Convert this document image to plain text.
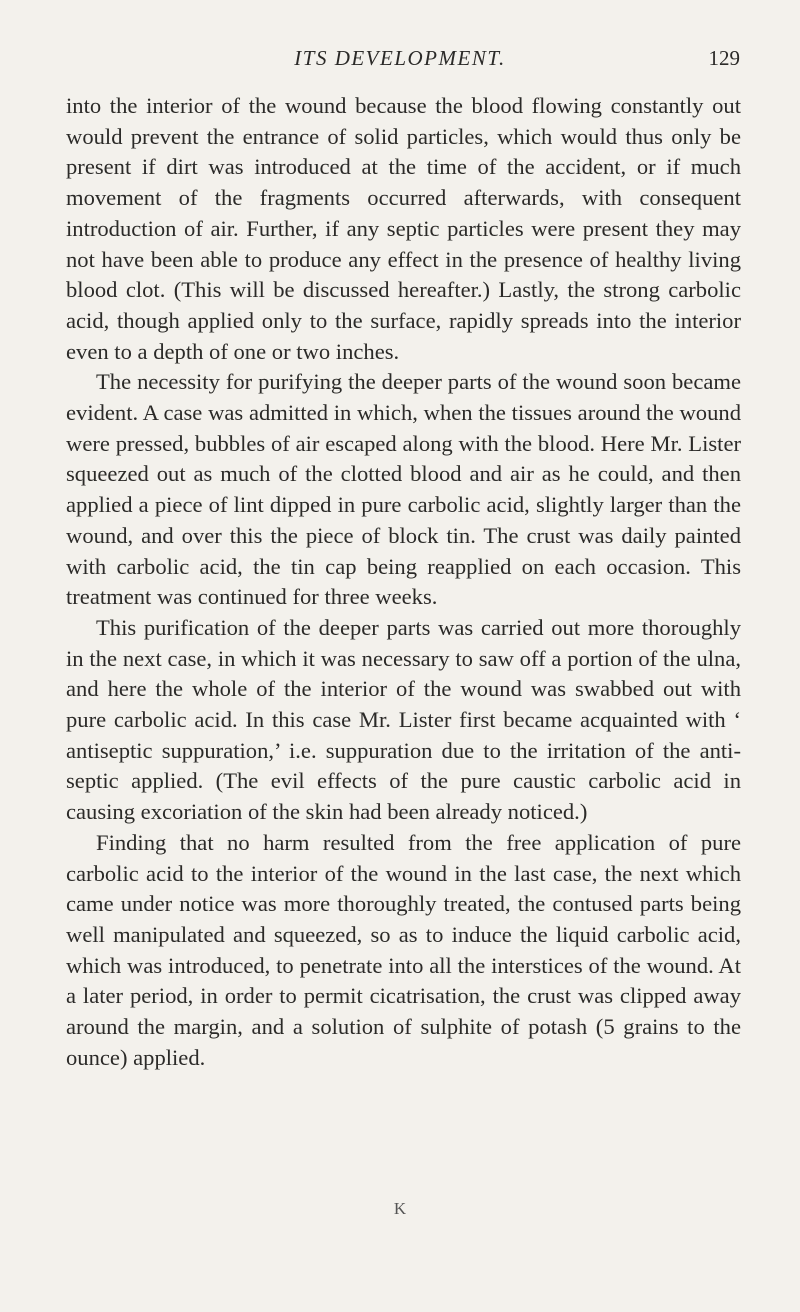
ITS DEVELOPMENT.	129

into the interior of the wound because the blood flowing constantly out would prevent the entrance of solid particles, which would thus only be present if dirt was introduced at the time of the accident, or if much movement of the fragments occurred afterwards, with consequent introduction of air. Further, if any septic particles were present they may not have been able to produce any effect in the presence of healthy living blood clot. (This will be discussed hereafter.) Lastly, the strong carbolic acid, though applied only to the surface, rapidly spreads into the interior even to a depth of one or two inches.

The necessity for purifying the deeper parts of the wound soon became evident. A case was admitted in which, when the tissues around the wound were pressed, bubbles of air escaped along with the blood. Here Mr. Lister squeezed out as much of the clotted blood and air as he could, and then applied a piece of lint dipped in pure carbolic acid, slightly larger than the wound, and over this the piece of block tin. The crust was daily painted with carbolic acid, the tin cap being reapplied on each occasion. This treatment was continued for three weeks.

This purification of the deeper parts was carried out more thoroughly in the next case, in which it was necessary to saw off a portion of the ulna, and here the whole of the interior of the wound was swabbed out with pure carbolic acid. In this case Mr. Lister first became acquainted with ‘ antiseptic suppuration,’ i.e. suppuration due to the irritation of the antiseptic applied. (The evil effects of the pure caustic carbolic acid in causing excoriation of the skin had been already noticed.)

Finding that no harm resulted from the free application of pure carbolic acid to the interior of the wound in the last case, the next which came under notice was more thoroughly treated, the contused parts being well manipulated and squeezed, so as to induce the liquid carbolic acid, which was introduced, to penetrate into all the interstices of the wound. At a later period, in order to permit cicatrisation, the crust was clipped away around the margin, and a solution of sulphite of potash (5 grains to the ounce) applied.

K
